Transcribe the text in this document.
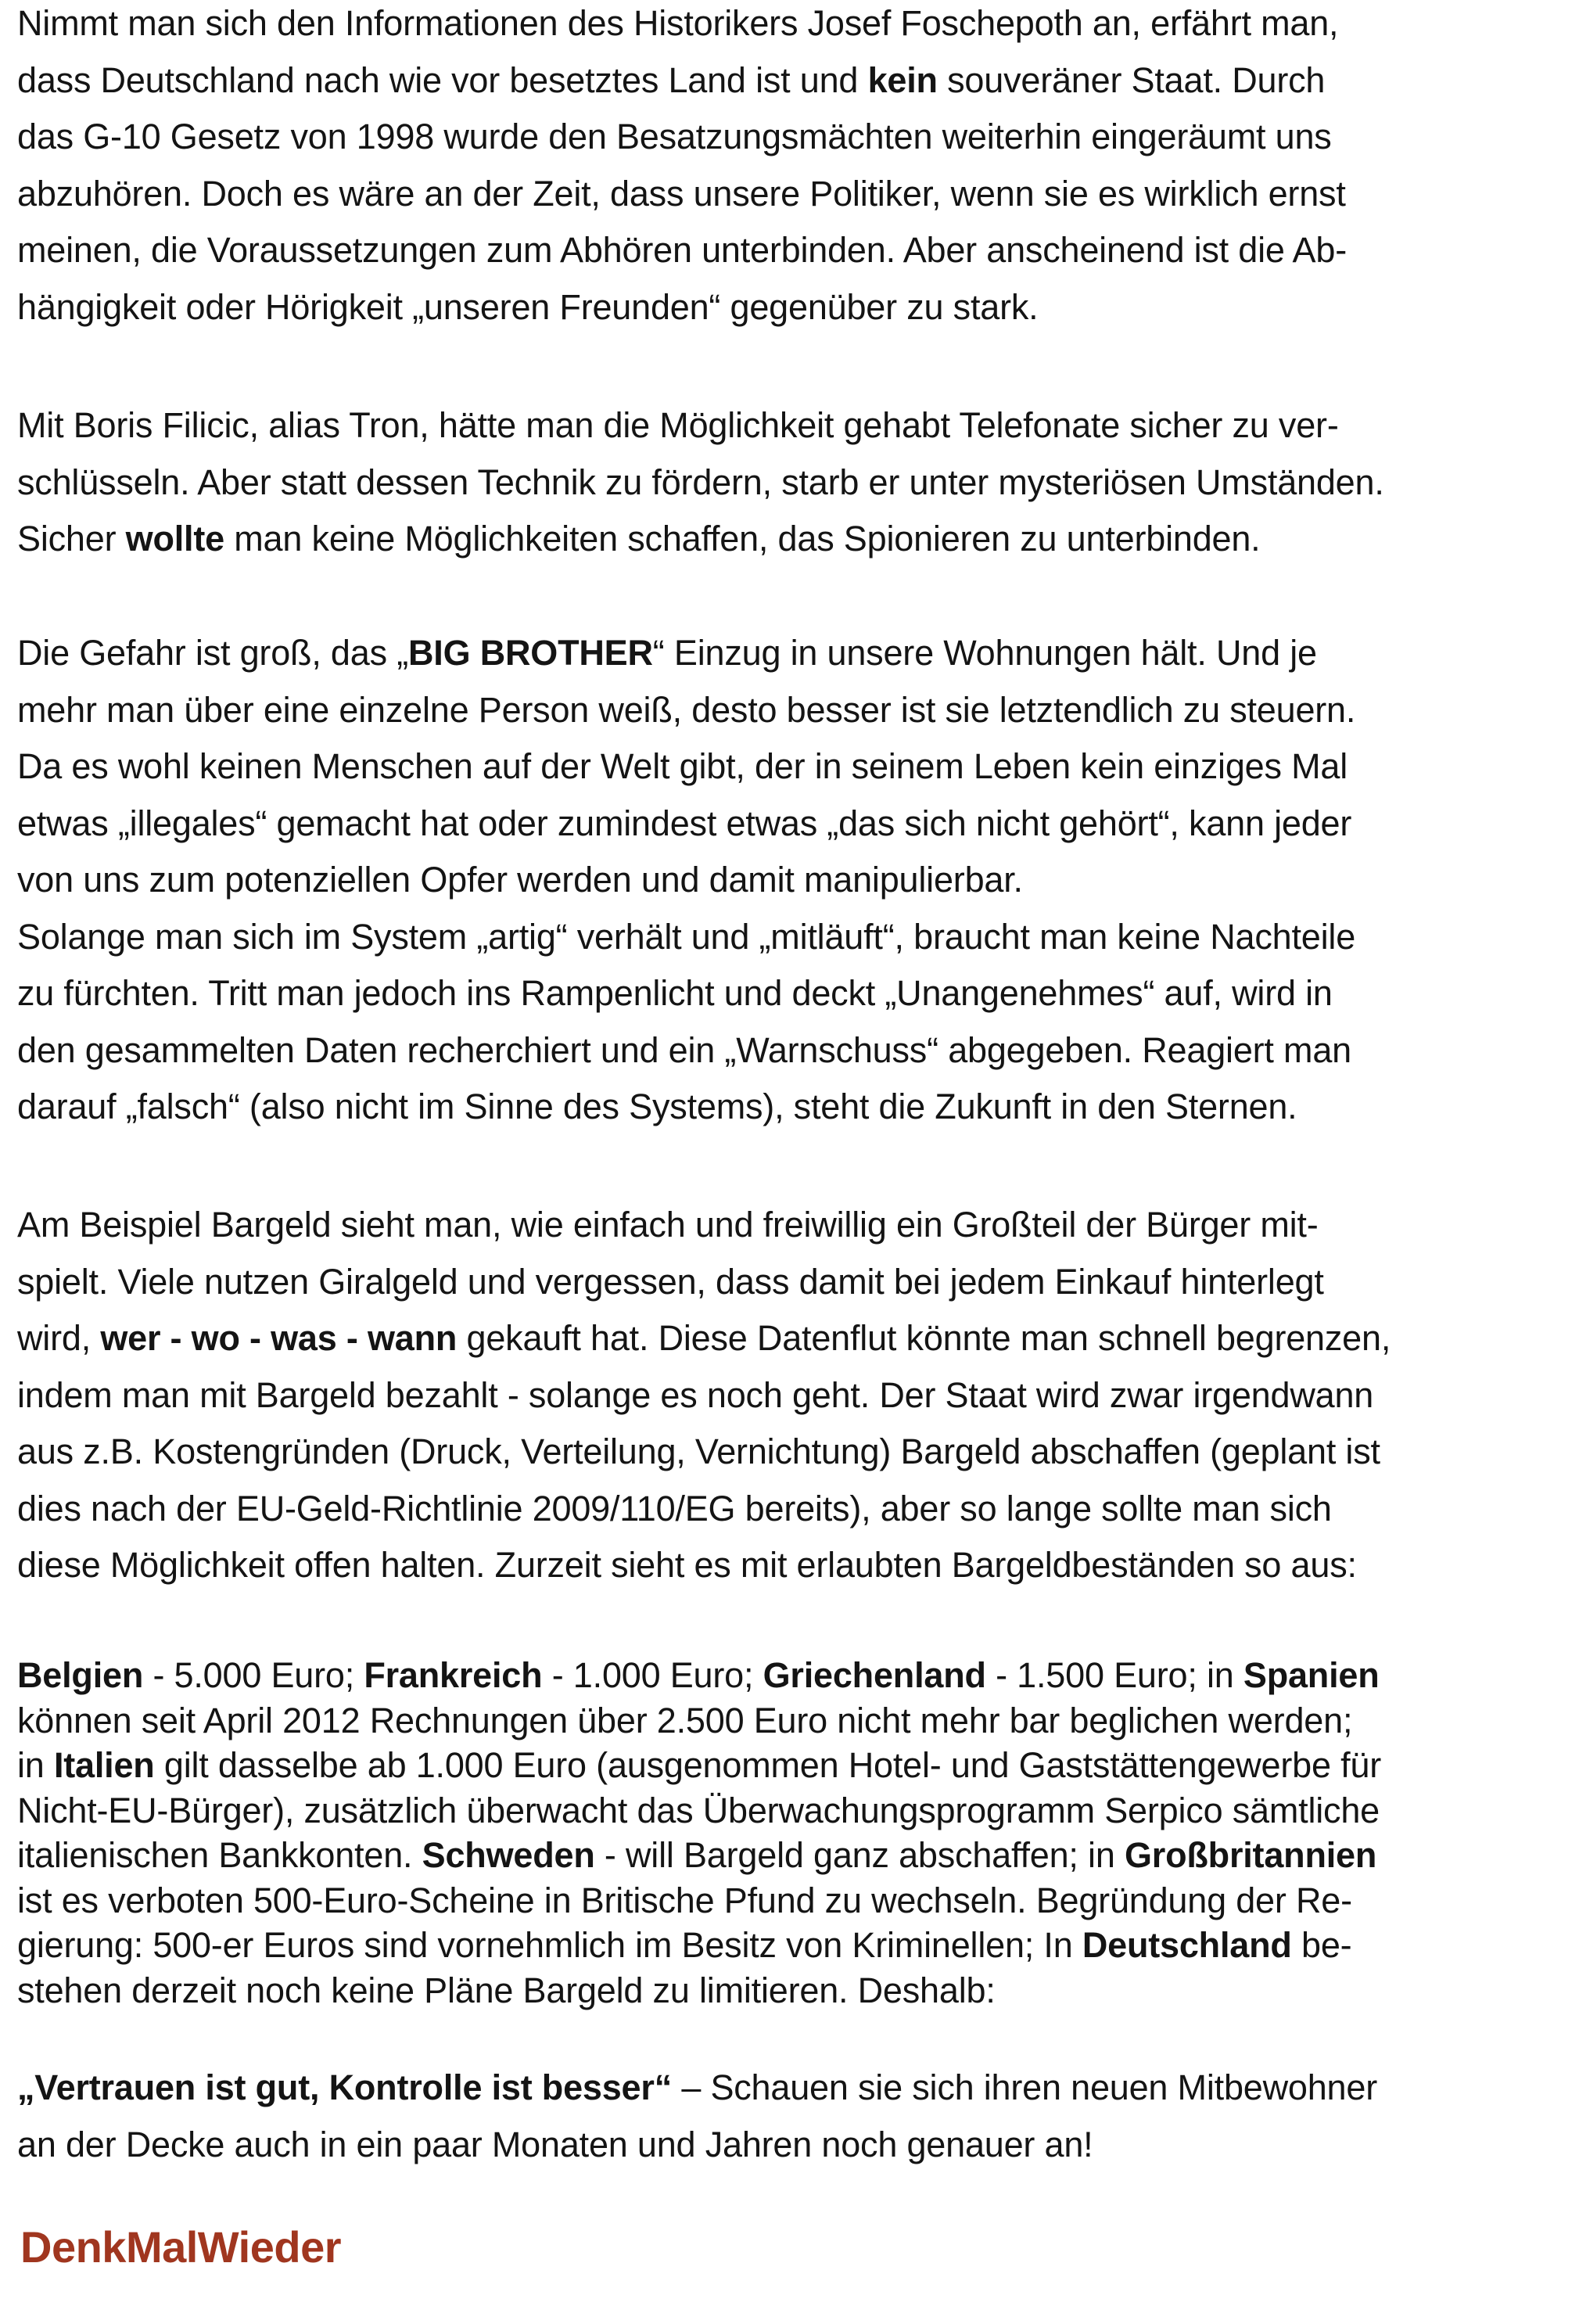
Nimmt man sich den Informationen des Historikers Josef Foschepoth an, erfährt man,
dass Deutschland nach wie vor besetztes Land ist und kein souveräner Staat. Durch
das G-10 Gesetz von 1998 wurde den Besatzungsmächten weiterhin eingeräumt uns
abzuhören. Doch es wäre an der Zeit, dass unsere Politiker, wenn sie es wirklich ernst
meinen, die Voraussetzungen zum Abhören unterbinden. Aber anscheinend ist die Ab-
hängigkeit oder Hörigkeit „unseren Freunden“ gegenüber zu stark.

Mit Boris Filicic, alias Tron, hätte man die Möglichkeit gehabt Telefonate sicher zu ver-
schlüsseln. Aber statt dessen Technik zu fördern, starb er unter mysteriösen Umständen.
Sicher wollte man keine Möglichkeiten schaffen, das Spionieren zu unterbinden.

Die Gefahr ist groß, das „BIG BROTHER“ Einzug in unsere Wohnungen hält. Und je
mehr man über eine einzelne Person weiß, desto besser ist sie letztendlich zu steuern.
Da es wohl keinen Menschen auf der Welt gibt, der in seinem Leben kein einziges Mal
etwas „illegales“ gemacht hat oder zumindest etwas „das sich nicht gehört“, kann jeder
von uns zum potenziellen Opfer werden und damit manipulierbar.
Solange man sich im System „artig“ verhält und „mitläuft“, braucht man keine Nachteile
zu fürchten. Tritt man jedoch ins Rampenlicht und deckt „Unangenehmes“ auf, wird in
den gesammelten Daten recherchiert und ein „Warnschuss“ abgegeben. Reagiert man
darauf „falsch“ (also nicht im Sinne des Systems), steht die Zukunft in den Sternen.

Am Beispiel Bargeld sieht man, wie einfach und freiwillig ein Großteil der Bürger mit-
spielt. Viele nutzen Giralgeld und vergessen, dass damit bei jedem Einkauf hinterlegt
wird, wer - wo - was - wann gekauft hat. Diese Datenflut könnte man schnell begrenzen,
indem man mit Bargeld bezahlt - solange es noch geht. Der Staat wird zwar irgendwann
aus z.B. Kostengründen (Druck, Verteilung, Vernichtung) Bargeld abschaffen (geplant ist
dies nach der EU-Geld-Richtlinie 2009/110/EG bereits), aber so lange sollte man sich
diese Möglichkeit offen halten. Zurzeit sieht es mit erlaubten Bargeldbeständen so aus:

Belgien - 5.000 Euro; Frankreich - 1.000 Euro; Griechenland - 1.500 Euro; in Spanien
können seit April 2012 Rechnungen über 2.500 Euro nicht mehr bar beglichen werden;
in Italien gilt dasselbe ab 1.000 Euro (ausgenommen Hotel- und Gaststättengewerbe für
Nicht-EU-Bürger), zusätzlich überwacht das Überwachungsprogramm Serpico sämtliche
italienischen Bankkonten. Schweden - will Bargeld ganz abschaffen; in Großbritannien
ist es verboten 500-Euro-Scheine in Britische Pfund zu wechseln. Begründung der Re-
gierung: 500-er Euros sind vornehmlich im Besitz von Kriminellen; In Deutschland be-
stehen derzeit noch keine Pläne Bargeld zu limitieren. Deshalb:

„Vertrauen ist gut, Kontrolle ist besser“ – Schauen sie sich ihren neuen Mitbewohner
an der Decke auch in ein paar Monaten und Jahren noch genauer an!

DenkMalWieder
